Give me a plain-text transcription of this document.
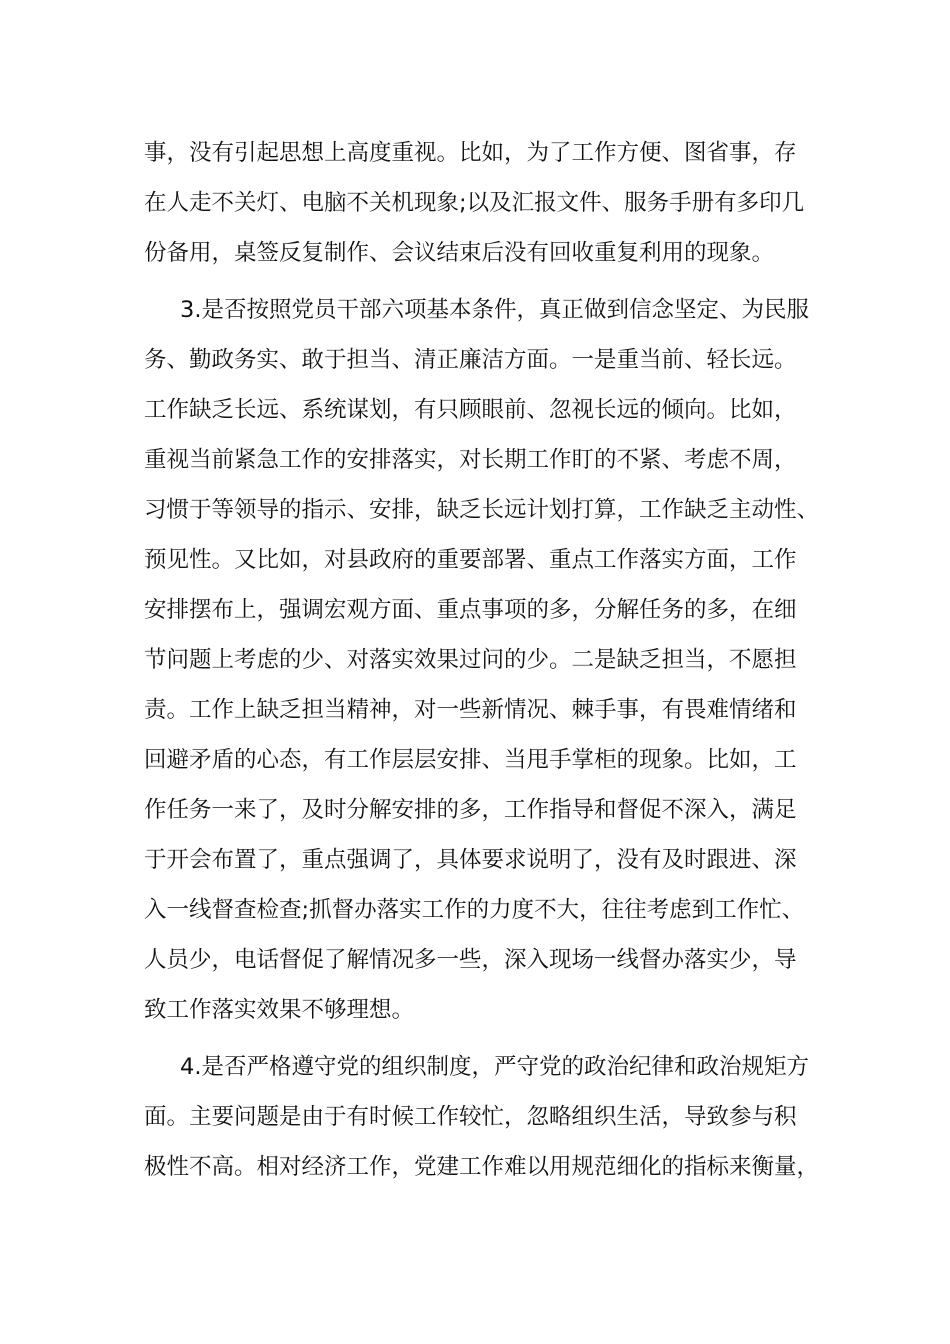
事，没有引起思想上高度重视。比如，为了工作方便、图省事，存

在人走不关灯、电脑不关机现象;以及汇报文件、服务手册有多印几

份备用，桌签反复制作、会议结束后没有回收重复利用的现象。

3.是否按照党员干部六项基本条件，真正做到信念坚定、为民服

务、勤政务实、敢于担当、清正廉洁方面。一是重当前、轻长远。

工作缺乏长远、系统谋划，有只顾眼前、忽视长远的倾向。比如，

重视当前紧急工作的安排落实，对长期工作盯的不紧、考虑不周，

习惯于等领导的指示、安排，缺乏长远计划打算，工作缺乏主动性、

预见性。又比如，对县政府的重要部署、重点工作落实方面，工作

安排摆布上，强调宏观方面、重点事项的多，分解任务的多，在细

节问题上考虑的少、对落实效果过问的少。二是缺乏担当，不愿担

责。工作上缺乏担当精神，对一些新情况、棘手事，有畏难情绪和

回避矛盾的心态，有工作层层安排、当甩手掌柜的现象。比如，工

作任务一来了，及时分解安排的多，工作指导和督促不深入，满足

于开会布置了，重点强调了，具体要求说明了，没有及时跟进、深

入一线督查检查;抓督办落实工作的力度不大，往往考虑到工作忙、

人员少，电话督促了解情况多一些，深入现场一线督办落实少，导

致工作落实效果不够理想。

4.是否严格遵守党的组织制度，严守党的政治纪律和政治规矩方

面。主要问题是由于有时候工作较忙，忽略组织生活，导致参与积

极性不高。相对经济工作，党建工作难以用规范细化的指标来衡量，
